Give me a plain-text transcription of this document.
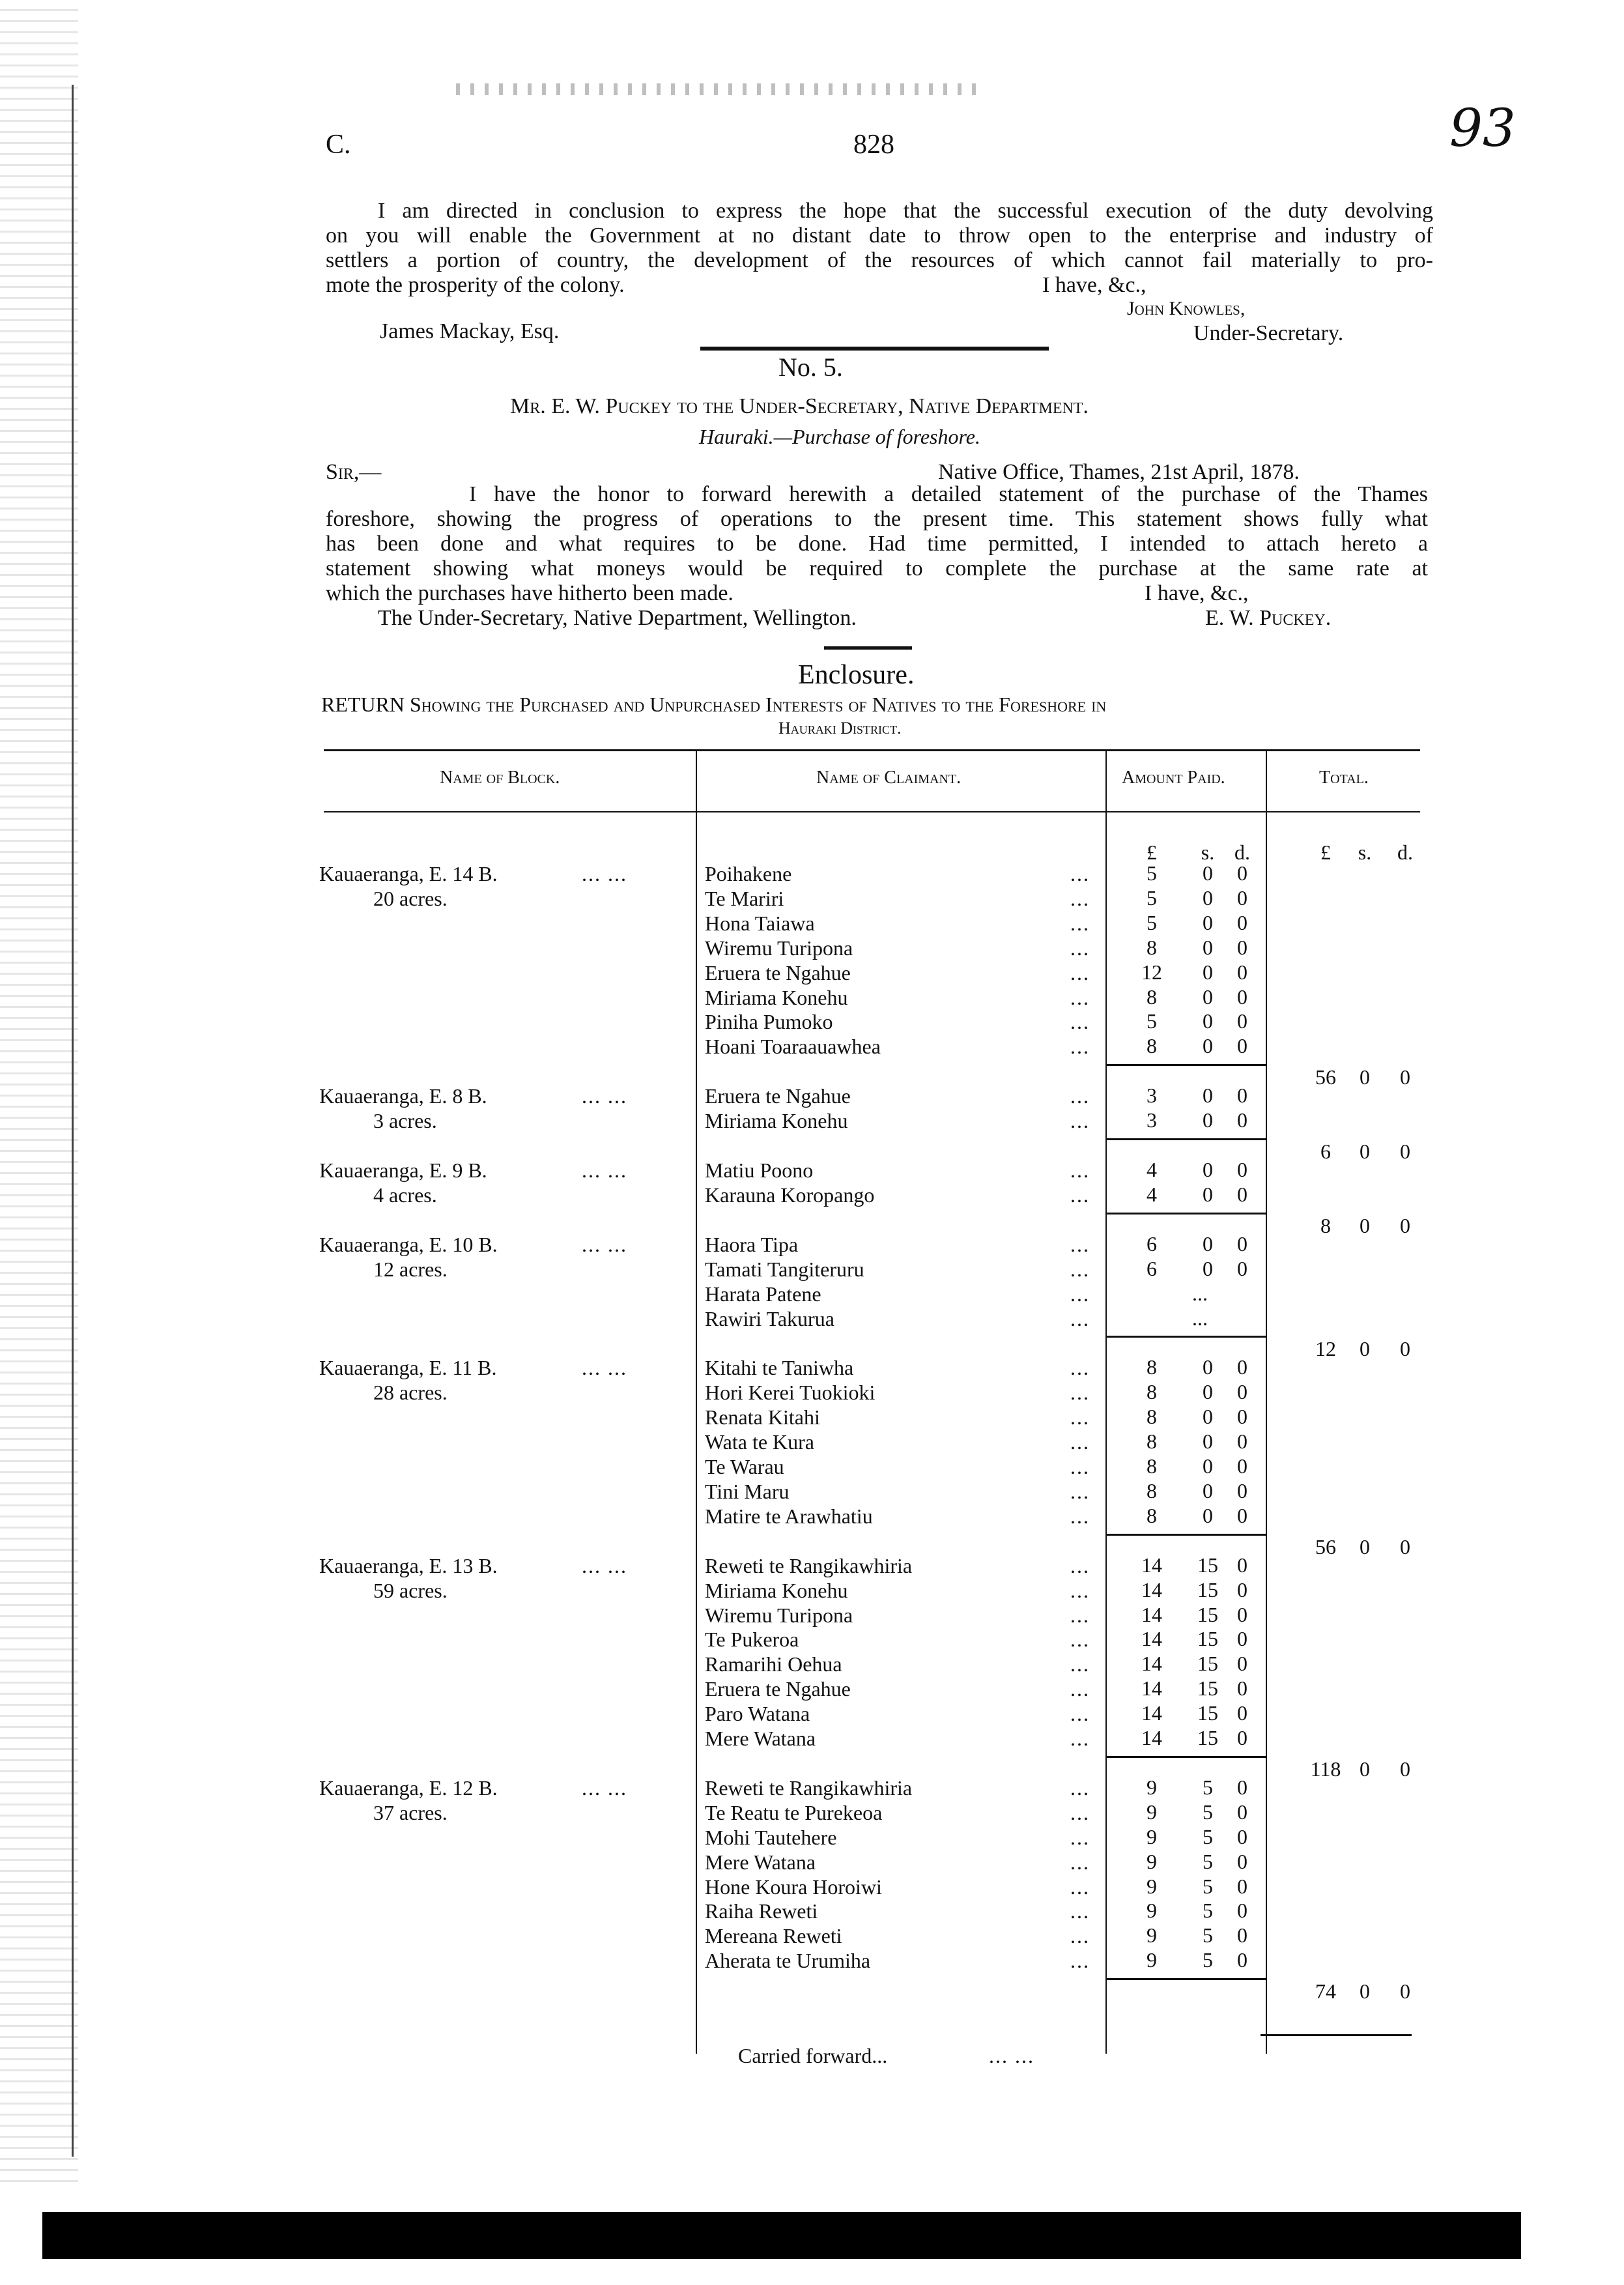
C.	828	93
I am directed in conclusion to express the hope that the successful execution of the duty devolving
on you will enable the Government at no distant date to throw open to the enterprise and industry of
settlers a portion of country, the development of the resources of which cannot fail materially to pro-
mote the prosperity of the colony.	I have, &c.,
John Knowles,
Under-Secretary.
James Mackay, Esq.
No. 5.
Mr. E. W. Puckey to the Under-Secretary, Native Department.
Hauraki.—Purchase of foreshore.
Sir,—	Native Office, Thames, 21st April, 1878.
I have the honor to forward herewith a detailed statement of the purchase of the Thames
foreshore, showing the progress of operations to the present time. This statement shows fully what
has been done and what requires to be done. Had time permitted, I intended to attach hereto a
statement showing what moneys would be required to complete the purchase at the same rate at
which the purchases have hitherto been made.	I have, &c.,
The Under-Secretary, Native Department, Wellington.	E. W. Puckey.
Enclosure.
RETURN Showing the Purchased and Unpurchased Interests of Natives to the Foreshore in
Hauraki District.
Name of Block.	Name of Claimant.	Amount Paid.	Total.
£	s. d.	£	s.	d.
Kauaeranga, E. 14 B.	... ...
20 acres.
Poihakene	...	5	0	0
Te Mariri	...	5	0	0
Hona Taiawa	...	5	0	0
Wiremu Turipona	...	8	0	0
Eruera te Ngahue	... 12	0	0
Miriama Konehu	...	8	0	0
Piniha Pumoko	...	5	0	0
Hoani Toaraauawhea	...	8	0	0
56	0	0
Kauaeranga, E. 8 B.	... ...
3 acres.
Eruera te Ngahue	...	3	0	0
Miriama Konehu	...	3	0	0
6	0	0
Kauaeranga, E. 9 B.	... ...
4 acres.
Matiu Poono	...	4	0	0
Karauna Koropango	...	4	0	0
8	0	0
Kauaeranga, E. 10 B.	... ...
12 acres.
Haora Tipa	...	6	0	0
Tamati Tangiteruru	...	6	0	0
Harata Patene	...	...
Rawiri Takurua	...	...
12	0	0
Kauaeranga, E. 11 B.	... ...
28 acres.
Kitahi te Taniwha	...	8	0	0
Hori Kerei Tuokioki	...	8	0	0
Renata Kitahi	...	8	0	0
Wata te Kura	...	8	0	0
Te Warau	...	8	0	0
Tini Maru	...	8	0	0
Matire te Arawhatiu	...	8	0	0
56	0	0
Kauaeranga, E. 13 B.	... ...
59 acres.
Reweti te Rangikawhiria	... 14 15 0
Miriama Konehu	... 14 15 0
Wiremu Turipona	... 14 15 0
Te Pukeroa	... 14 15 0
Ramarihi Oehua	... 14 15 0
Eruera te Ngahue	... 14 15 0
Paro Watana	... 14 15 0
Mere Watana	... 14 15 0
118 0	0
Kauaeranga, E. 12 B.	... ...
37 acres.
Reweti te Rangikawhiria	...	9	5	0
Te Reatu te Purekeoa	...	9	5	0
Mohi Tautehere	...	9	5	0
Mere Watana	...	9	5	0
Hone Koura Horoiwi	...	9	5	0
Raiha Reweti	...	9	5	0
Mereana Reweti	...	9	5	0
Aherata te Urumiha	...	9	5	0
74	0	0
Carried forward...	... ...
